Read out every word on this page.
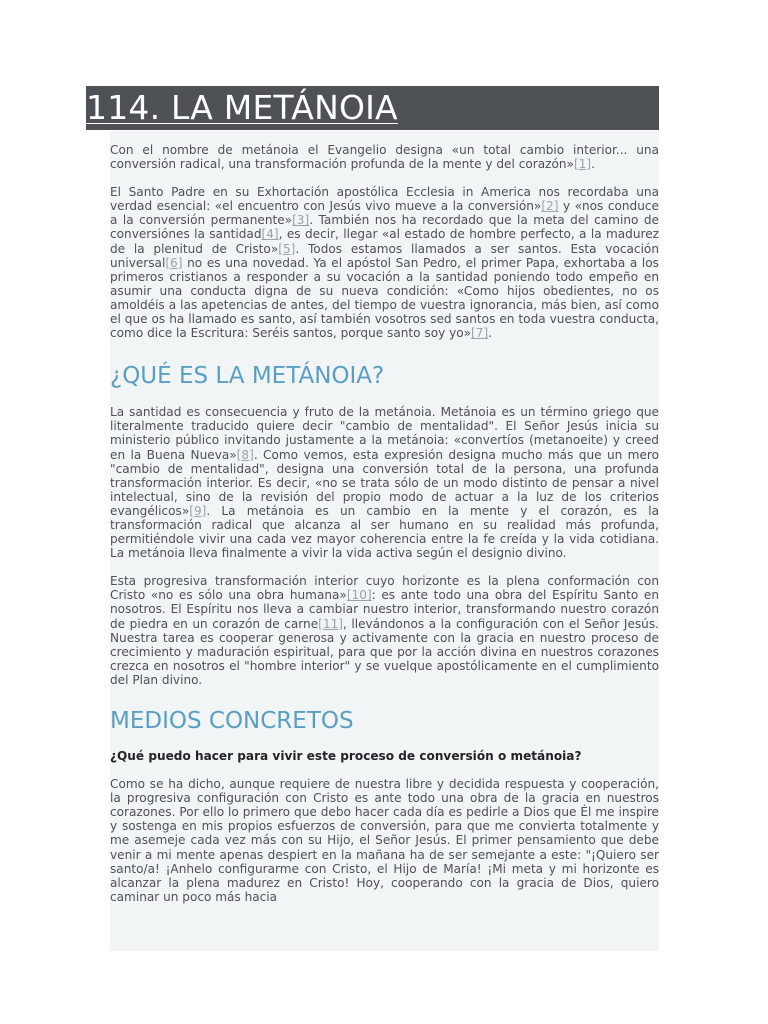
114. LA METÁNOIA

Con el nombre de metánoia el Evangelio designa «un total cambio interior... una conversión radical, una transformación profunda de la mente y del corazón»[1].

El Santo Padre en su Exhortación apostólica Ecclesia in America nos recordaba una verdad esencial: «el encuentro con Jesús vivo mueve a la conversión»[2] y «nos conduce a la conversión permanente»[3]. También nos ha recordado que la meta del camino de conversiónes la santidad[4], es decir, llegar «al estado de hombre perfecto, a la madurez de la plenitud de Cristo»[5]. Todos estamos llamados a ser santos. Esta vocación universal[6] no es una novedad. Ya el apóstol San Pedro, el primer Papa, exhortaba a los primeros cristianos a responder a su vocación a la santidad poniendo todo empeño en asumir una conducta digna de su nueva condición: «Como hijos obedientes, no os amoldéis a las apetencias de antes, del tiempo de vuestra ignorancia, más bien, así como el que os ha llamado es santo, así también vosotros sed santos en toda vuestra conducta, como dice la Escritura: Seréis santos, porque santo soy yo»[7].

¿QUÉ ES LA METÁNOIA?

La santidad es consecuencia y fruto de la metánoia. Metánoia es un término griego que literalmente traducido quiere decir "cambio de mentalidad". El Señor Jesús inicia su ministerio público invitando justamente a la metánoia: «convertíos (metanoeite) y creed en la Buena Nueva»[8]. Como vemos, esta expresión designa mucho más que un mero "cambio de mentalidad", designa una conversión total de la persona, una profunda transformación interior. Es decir, «no se trata sólo de un modo distinto de pensar a nivel intelectual, sino de la revisión del propio modo de actuar a la luz de los criterios evangélicos»[9]. La metánoia es un cambio en la mente y el corazón, es la transformación radical que alcanza al ser humano en su realidad más profunda, permitiéndole vivir una cada vez mayor coherencia entre la fe creída y la vida cotidiana. La metánoia lleva finalmente a vivir la vida activa según el designio divino.

Esta progresiva transformación interior cuyo horizonte es la plena conformación con Cristo «no es sólo una obra humana»[10]: es ante todo una obra del Espíritu Santo en nosotros. El Espíritu nos lleva a cambiar nuestro interior, transformando nuestro corazón de piedra en un corazón de carne[11], llevándonos a la configuración con el Señor Jesús. Nuestra tarea es cooperar generosa y activamente con la gracia en nuestro proceso de crecimiento y maduración espiritual, para que por la acción divina en nuestros corazones crezca en nosotros el "hombre interior" y se vuelque apostólicamente en el cumplimiento del Plan divino.

MEDIOS CONCRETOS

¿Qué puedo hacer para vivir este proceso de conversión o metánoia?

Como se ha dicho, aunque requiere de nuestra libre y decidida respuesta y cooperación, la progresiva configuración con Cristo es ante todo una obra de la gracia en nuestros corazones. Por ello lo primero que debo hacer cada día es pedirle a Dios que Él me inspire y sostenga en mis propios esfuerzos de conversión, para que me convierta totalmente y me asemeje cada vez más con su Hijo, el Señor Jesús. El primer pensamiento que debe venir a mi mente apenas despiert en la mañana ha de ser semejante a este: "¡Quiero ser santo/a! ¡Anhelo configurarme con Cristo, el Hijo de María! ¡Mi meta y mi horizonte es alcanzar la plena madurez en Cristo! Hoy, cooperando con la gracia de Dios, quiero caminar un poco más hacia
